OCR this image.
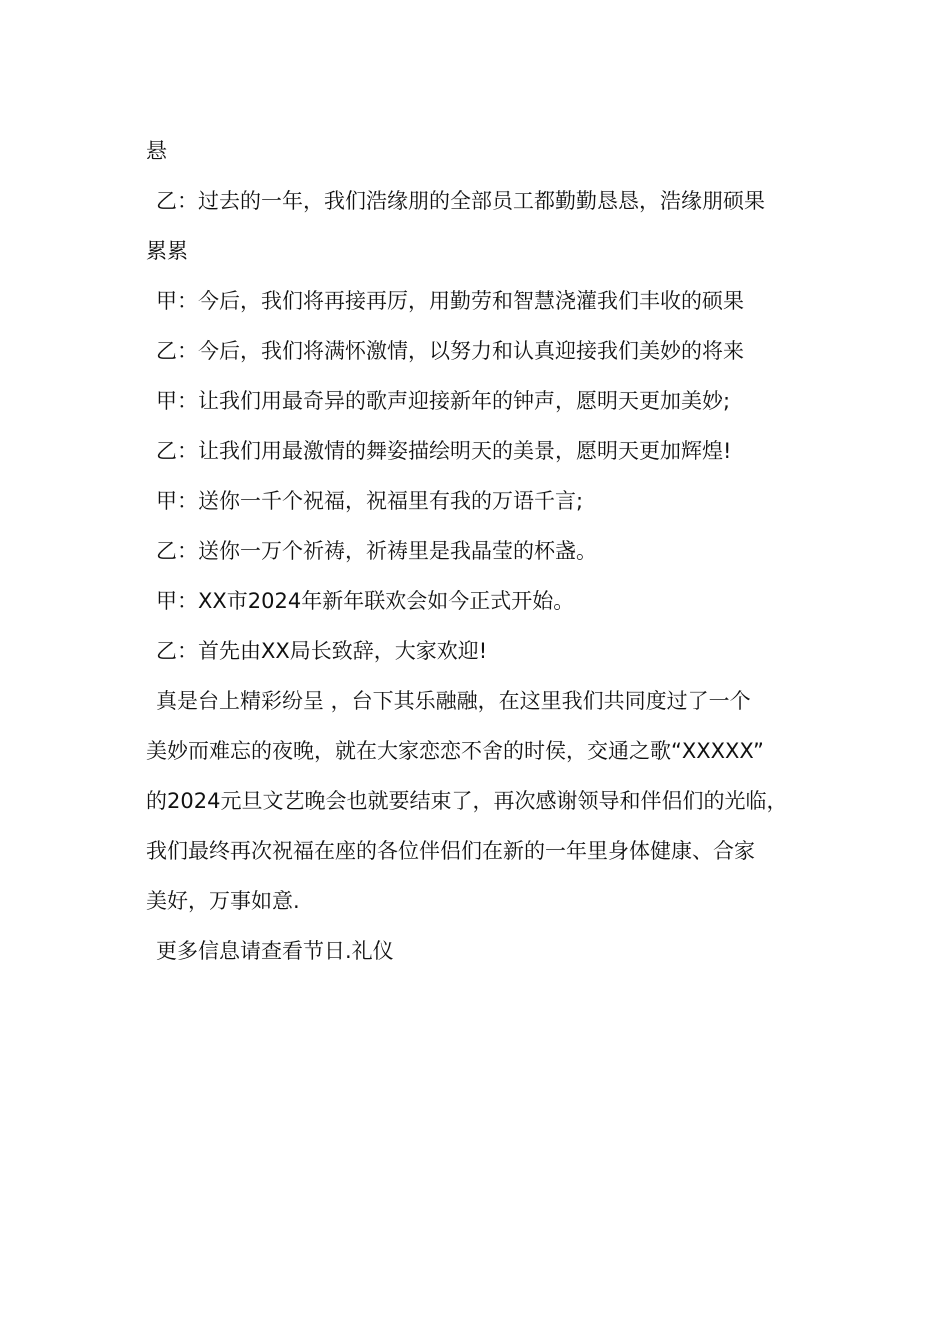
悬
乙：过去的一年，我们浩缘朋的全部员工都勤勤恳恳，浩缘朋硕果
累累
甲：今后，我们将再接再厉，用勤劳和智慧浇灌我们丰收的硕果
乙：今后，我们将满怀激情，以努力和认真迎接我们美妙的将来
甲：让我们用最奇异的歌声迎接新年的钟声，愿明天更加美妙;
乙：让我们用最激情的舞姿描绘明天的美景，愿明天更加辉煌!
甲：送你一千个祝福，祝福里有我的万语千言;
乙：送你一万个祈祷，祈祷里是我晶莹的杯盏。
甲：XX市2024年新年联欢会如今正式开始。
乙：首先由XX局长致辞，大家欢迎!
真是台上精彩纷呈 ，台下其乐融融，在这里我们共同度过了一个
美妙而难忘的夜晚，就在大家恋恋不舍的时侯，交通之歌“XXXXX”
的2024元旦文艺晚会也就要结束了，再次感谢领导和伴侣们的光临，
我们最终再次祝福在座的各位伴侣们在新的一年里身体健康、合家
美好，万事如意.
更多信息请查看节日.礼仪
